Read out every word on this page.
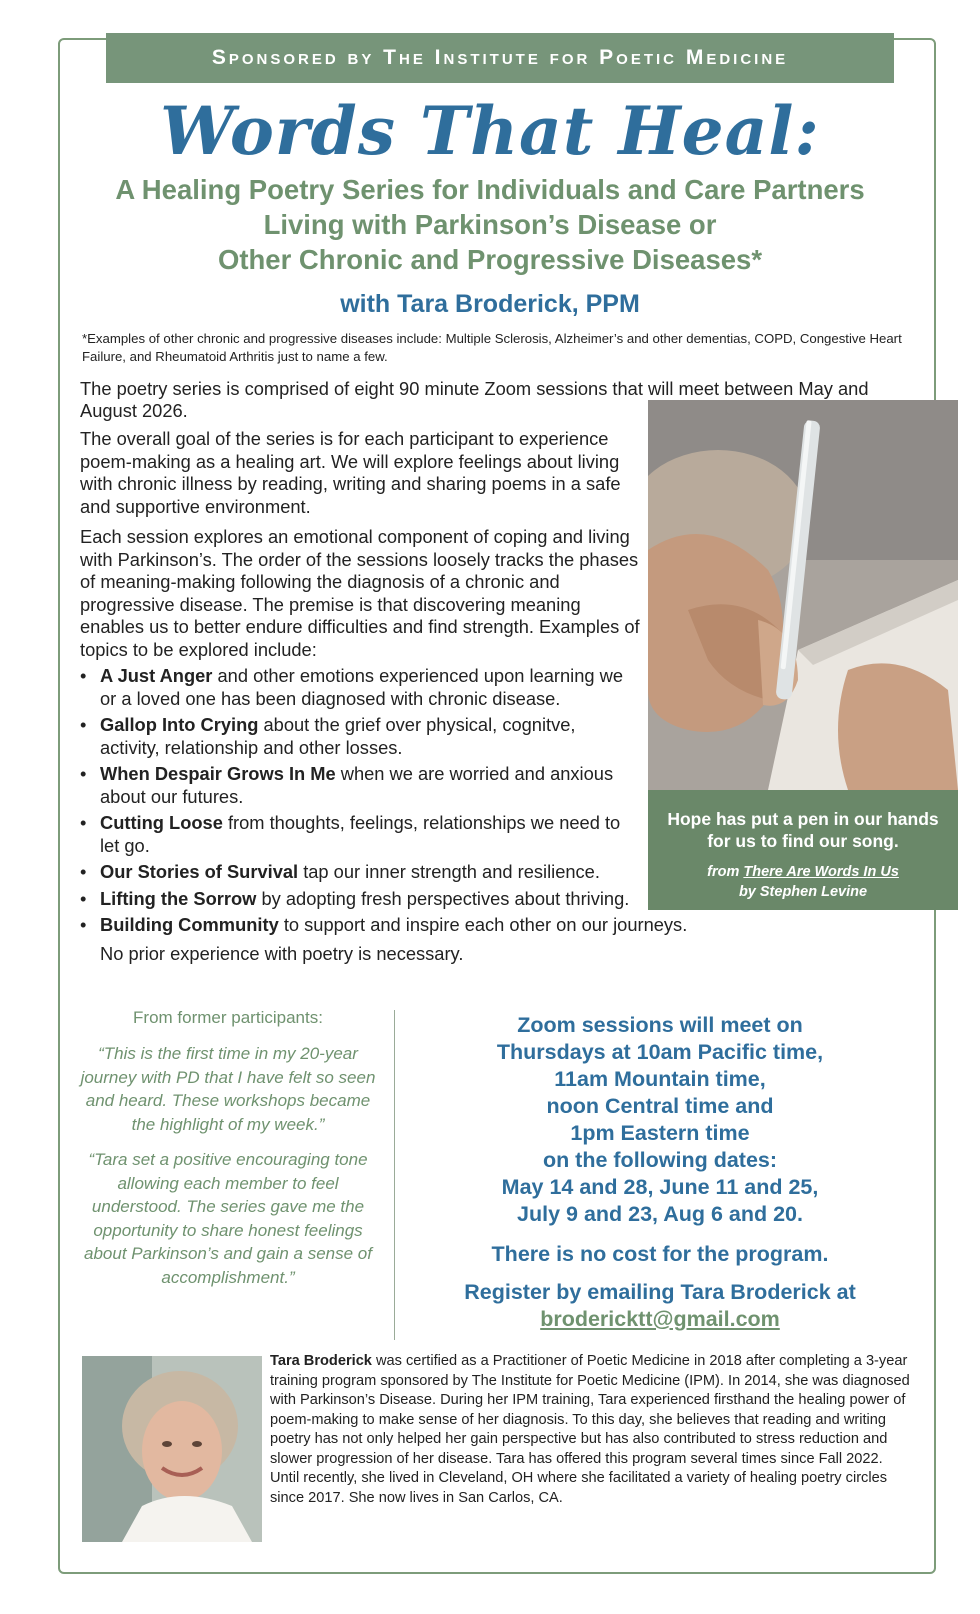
Sponsored by The Institute for Poetic Medicine
Words That Heal:
A Healing Poetry Series for Individuals and Care Partners
Living with Parkinson’s Disease or
Other Chronic and Progressive Diseases*
with Tara Broderick, PPM
*Examples of other chronic and progressive diseases include: Multiple Sclerosis, Alzheimer’s and other dementias, COPD, Congestive Heart Failure, and Rheumatoid Arthritis just to name a few.
The poetry series is comprised of eight 90 minute Zoom sessions that will meet between May and August 2026.

The overall goal of the series is for each participant to experience poem-making as a healing art. We will explore feelings about living with chronic illness by reading, writing and sharing poems in a safe and supportive environment.

Each session explores an emotional component of coping and living with Parkinson’s. The order of the sessions loosely tracks the phases of meaning-making following the diagnosis of a chronic and progressive disease. The premise is that discovering meaning enables us to better endure difficulties and find strength. Examples of topics to be explored include:

• A Just Anger and other emotions experienced upon learning we or a loved one has been diagnosed with chronic disease.
• Gallop Into Crying about the grief over physical, cognitve, activity, relationship and other losses.
• When Despair Grows In Me when we are worried and anxious about our futures.
• Cutting Loose from thoughts, feelings, relationships we need to let go.
• Our Stories of Survival tap our inner strength and resilience.
• Lifting the Sorrow by adopting fresh perspectives about thriving.
• Building Community to support and inspire each other on our journeys.
No prior experience with poetry is necessary.
Hope has put a pen in our hands for us to find our song.
from There Are Words In Us
by Stephen Levine
From former participants:
“This is the first time in my 20-year journey with PD that I have felt so seen and heard. These workshops became the highlight of my week.”
“Tara set a positive encouraging tone allowing each member to feel understood. The series gave me the opportunity to share honest feelings about Parkinson’s and gain a sense of accomplishment.”
Zoom sessions will meet on
Thursdays at 10am Pacific time,
11am Mountain time,
noon Central time and
1pm Eastern time
on the following dates:
May 14 and 28, June 11 and 25,
July 9 and 23, Aug 6 and 20.
There is no cost for the program.
Register by emailing Tara Broderick at
brodericktt@gmail.com
Tara Broderick was certified as a Practitioner of Poetic Medicine in 2018 after completing a 3-year training program sponsored by The Institute for Poetic Medicine (IPM). In 2014, she was diagnosed with Parkinson’s Disease. During her IPM training, Tara experienced firsthand the healing power of poem-making to make sense of her diagnosis. To this day, she believes that reading and writing poetry has not only helped her gain perspective but has also contributed to stress reduction and slower progression of her disease. Tara has offered this program several times since Fall 2022. Until recently, she lived in Cleveland, OH where she facilitated a variety of healing poetry circles since 2017. She now lives in San Carlos, CA.
